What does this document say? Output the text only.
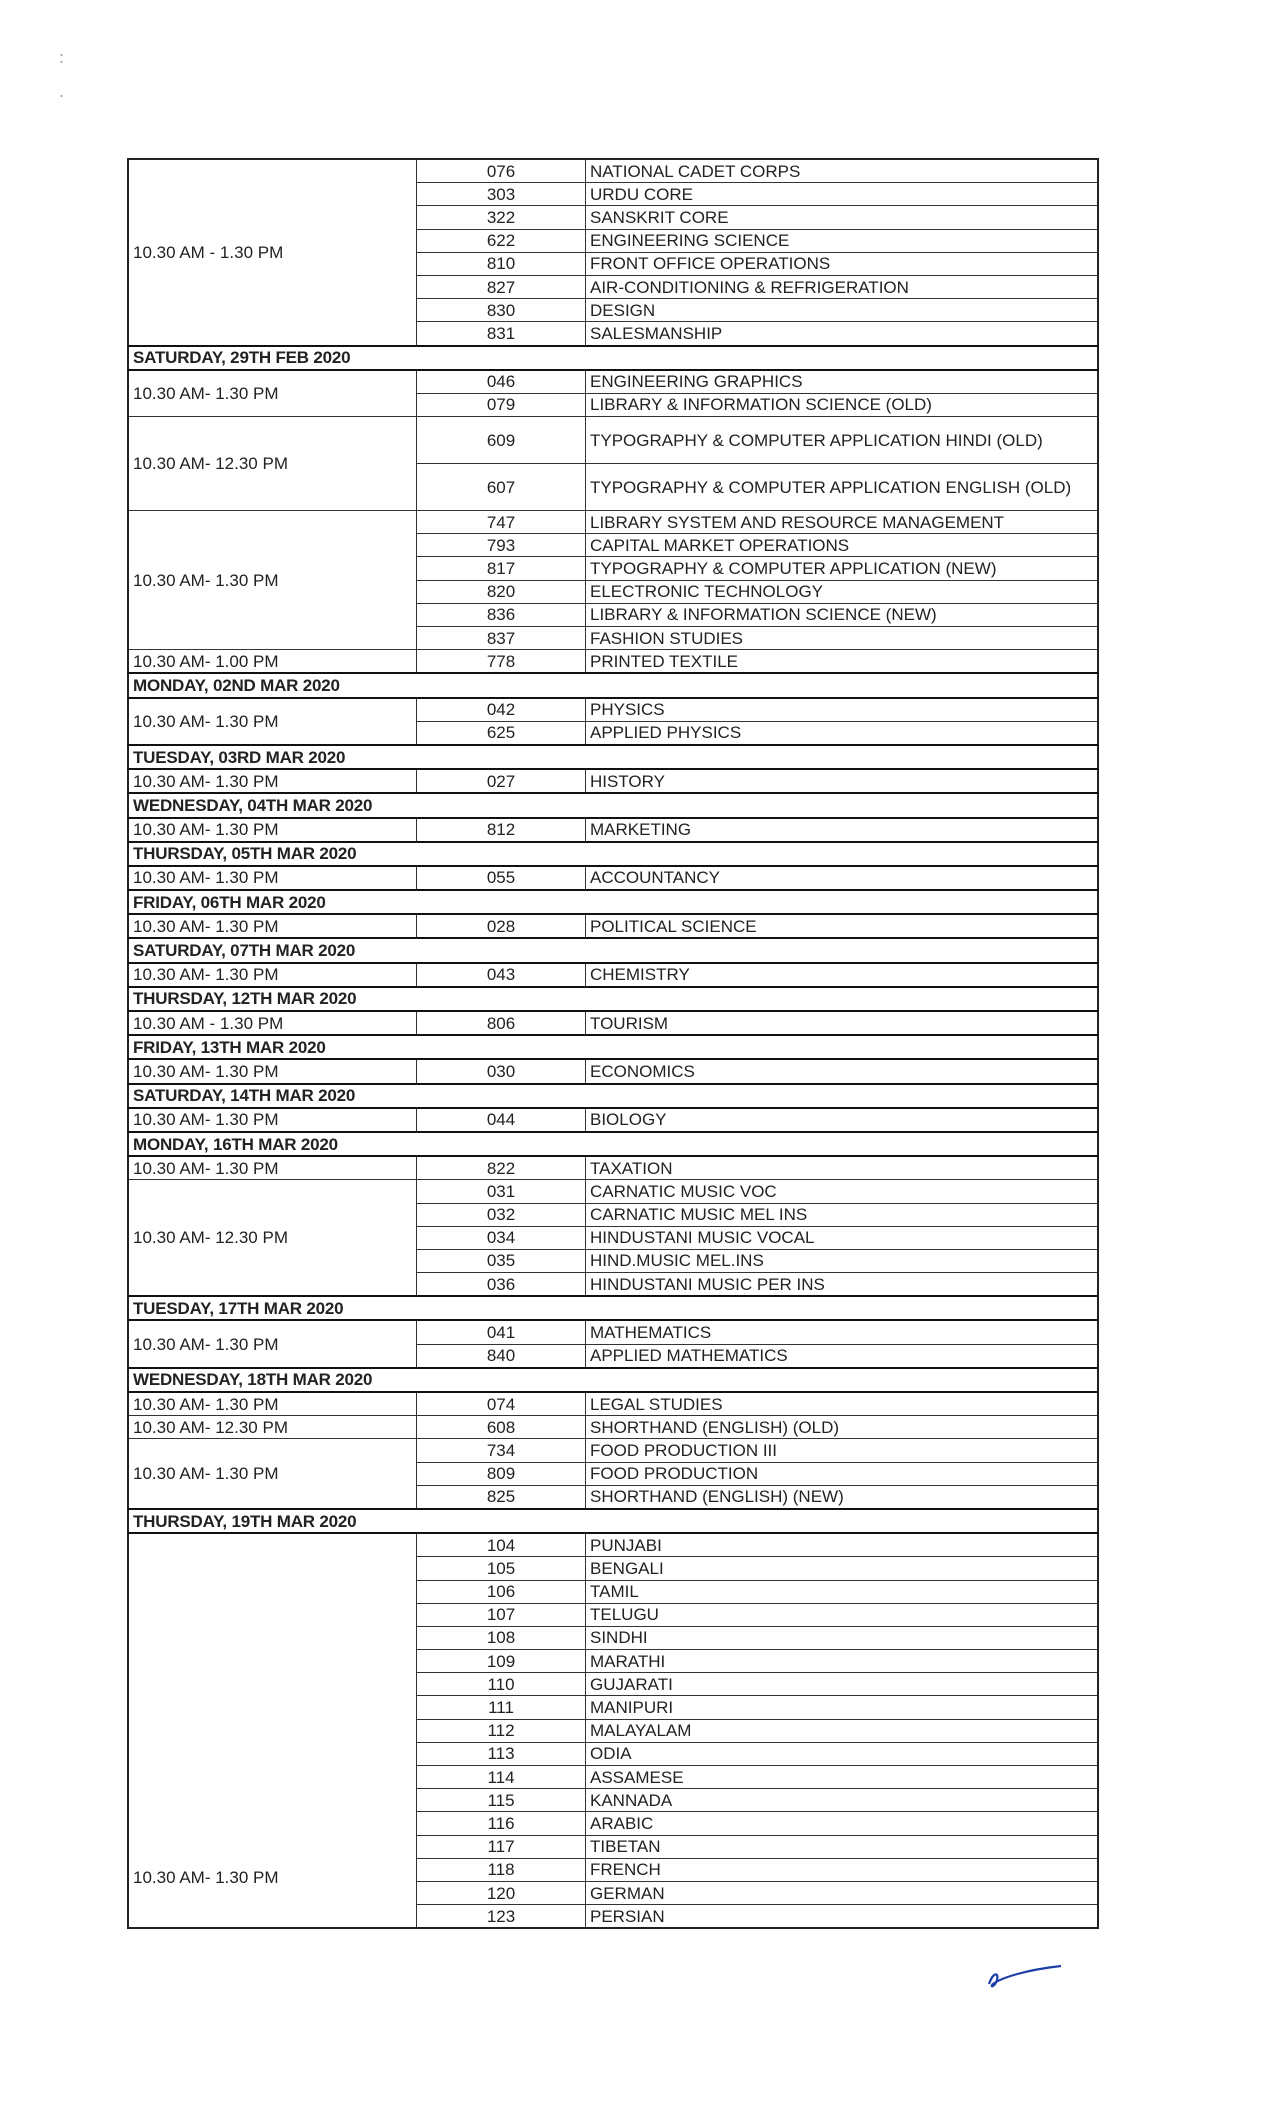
10.30 AM - 1.30 PM	076	NATIONAL CADET CORPS
	303	URDU CORE
	322	SANSKRIT CORE
	622	ENGINEERING SCIENCE
	810	FRONT OFFICE OPERATIONS
	827	AIR-CONDITIONING & REFRIGERATION
	830	DESIGN
	831	SALESMANSHIP
SATURDAY, 29TH FEB 2020		
10.30 AM- 1.30 PM	046	ENGINEERING GRAPHICS
	079	LIBRARY & INFORMATION SCIENCE (OLD)
10.30 AM- 12.30 PM	609	TYPOGRAPHY & COMPUTER APPLICATION HINDI (OLD)
	607	TYPOGRAPHY & COMPUTER APPLICATION ENGLISH (OLD)
10.30 AM- 1.30 PM	747	LIBRARY SYSTEM AND RESOURCE MANAGEMENT
	793	CAPITAL MARKET OPERATIONS
	817	TYPOGRAPHY & COMPUTER APPLICATION (NEW)
	820	ELECTRONIC TECHNOLOGY
	836	LIBRARY & INFORMATION SCIENCE (NEW)
	837	FASHION STUDIES
10.30 AM- 1.00 PM	778	PRINTED TEXTILE
MONDAY, 02ND MAR 2020		
10.30 AM- 1.30 PM	042	PHYSICS
	625	APPLIED PHYSICS
TUESDAY, 03RD MAR 2020		
10.30 AM- 1.30 PM	027	HISTORY
WEDNESDAY, 04TH MAR 2020		
10.30 AM- 1.30 PM	812	MARKETING
THURSDAY, 05TH MAR 2020		
10.30 AM- 1.30 PM	055	ACCOUNTANCY
FRIDAY, 06TH MAR 2020		
10.30 AM- 1.30 PM	028	POLITICAL SCIENCE
SATURDAY, 07TH MAR 2020		
10.30 AM- 1.30 PM	043	CHEMISTRY
THURSDAY, 12TH MAR 2020		
10.30 AM - 1.30 PM	806	TOURISM
FRIDAY, 13TH MAR 2020		
10.30 AM- 1.30 PM	030	ECONOMICS
SATURDAY, 14TH MAR 2020		
10.30 AM- 1.30 PM	044	BIOLOGY
MONDAY, 16TH MAR 2020		
10.30 AM- 1.30 PM	822	TAXATION
10.30 AM- 12.30 PM	031	CARNATIC MUSIC VOC
	032	CARNATIC MUSIC MEL INS
	034	HINDUSTANI MUSIC VOCAL
	035	HIND.MUSIC MEL.INS
	036	HINDUSTANI MUSIC PER INS
TUESDAY, 17TH MAR 2020		
10.30 AM- 1.30 PM	041	MATHEMATICS
	840	APPLIED MATHEMATICS
WEDNESDAY, 18TH MAR 2020		
10.30 AM- 1.30 PM	074	LEGAL STUDIES
10.30 AM- 12.30 PM	608	SHORTHAND (ENGLISH) (OLD)
10.30 AM- 1.30 PM	734	FOOD PRODUCTION III
	809	FOOD PRODUCTION
	825	SHORTHAND (ENGLISH) (NEW)
THURSDAY, 19TH MAR 2020		
10.30 AM- 1.30 PM	104	PUNJABI
	105	BENGALI
	106	TAMIL
	107	TELUGU
	108	SINDHI
	109	MARATHI
	110	GUJARATI
	111	MANIPURI
	112	MALAYALAM
	113	ODIA
	114	ASSAMESE
	115	KANNADA
	116	ARABIC
	117	TIBETAN
	118	FRENCH
	120	GERMAN
	123	PERSIAN
